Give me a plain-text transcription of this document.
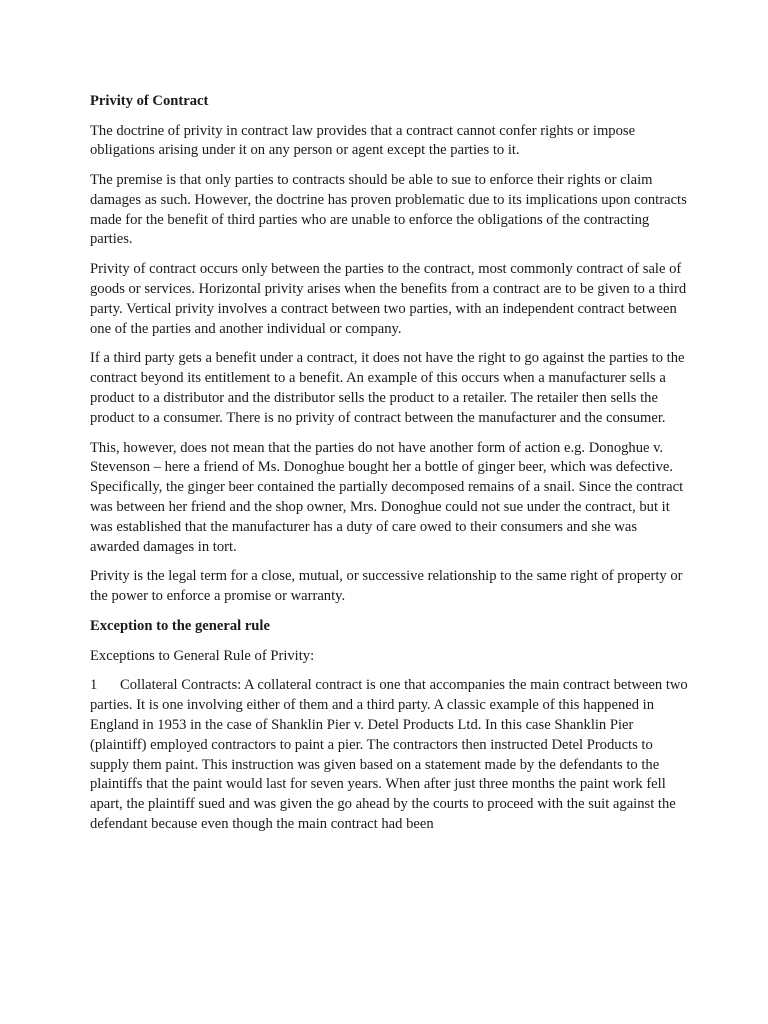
Privity of Contract

The doctrine of privity in contract law provides that a contract cannot confer rights or impose obligations arising under it on any person or agent except the parties to it.

The premise is that only parties to contracts should be able to sue to enforce their rights or claim damages as such. However, the doctrine has proven problematic due to its implications upon contracts made for the benefit of third parties who are unable to enforce the obligations of the contracting parties.

Privity of contract occurs only between the parties to the contract, most commonly contract of sale of goods or services. Horizontal privity arises when the benefits from a contract are to be given to a third party. Vertical privity involves a contract between two parties, with an independent contract between one of the parties and another individual or company.

If a third party gets a benefit under a contract, it does not have the right to go against the parties to the contract beyond its entitlement to a benefit. An example of this occurs when a manufacturer sells a product to a distributor and the distributor sells the product to a retailer. The retailer then sells the product to a consumer. There is no privity of contract between the manufacturer and the consumer.

This, however, does not mean that the parties do not have another form of action e.g. Donoghue v. Stevenson – here a friend of Ms. Donoghue bought her a bottle of ginger beer, which was defective. Specifically, the ginger beer contained the partially decomposed remains of a snail. Since the contract was between her friend and the shop owner, Mrs. Donoghue could not sue under the contract, but it was established that the manufacturer has a duty of care owed to their consumers and she was awarded damages in tort.

Privity is the legal term for a close, mutual, or successive relationship to the same right of property or the power to enforce a promise or warranty.

Exception to the general rule

Exceptions to General Rule of Privity:

1 Collateral Contracts: A collateral contract is one that accompanies the main contract between two parties. It is one involving either of them and a third party. A classic example of this happened in England in 1953 in the case of Shanklin Pier v. Detel Products Ltd. In this case Shanklin Pier (plaintiff) employed contractors to paint a pier. The contractors then instructed Detel Products to supply them paint. This instruction was given based on a statement made by the defendants to the plaintiffs that the paint would last for seven years. When after just three months the paint work fell apart, the plaintiff sued and was given the go ahead by the courts to proceed with the suit against the defendant because even though the main contract had been
